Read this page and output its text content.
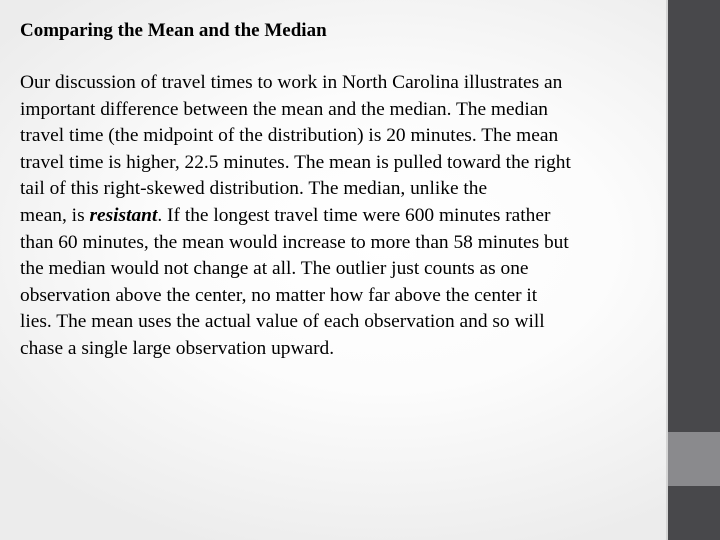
Comparing the Mean and the Median

Our discussion of travel times to work in North Carolina illustrates an
important difference between the mean and the median. The median
travel time (the midpoint of the distribution) is 20 minutes. The mean
travel time is higher, 22.5 minutes. The mean is pulled toward the right
tail of this right-skewed distribution. The median, unlike the
mean, is resistant. If the longest travel time were 600 minutes rather
than 60 minutes, the mean would increase to more than 58 minutes but
the median would not change at all. The outlier just counts as one
observation above the center, no matter how far above the center it
lies. The mean uses the actual value of each observation and so will
chase a single large observation upward.
